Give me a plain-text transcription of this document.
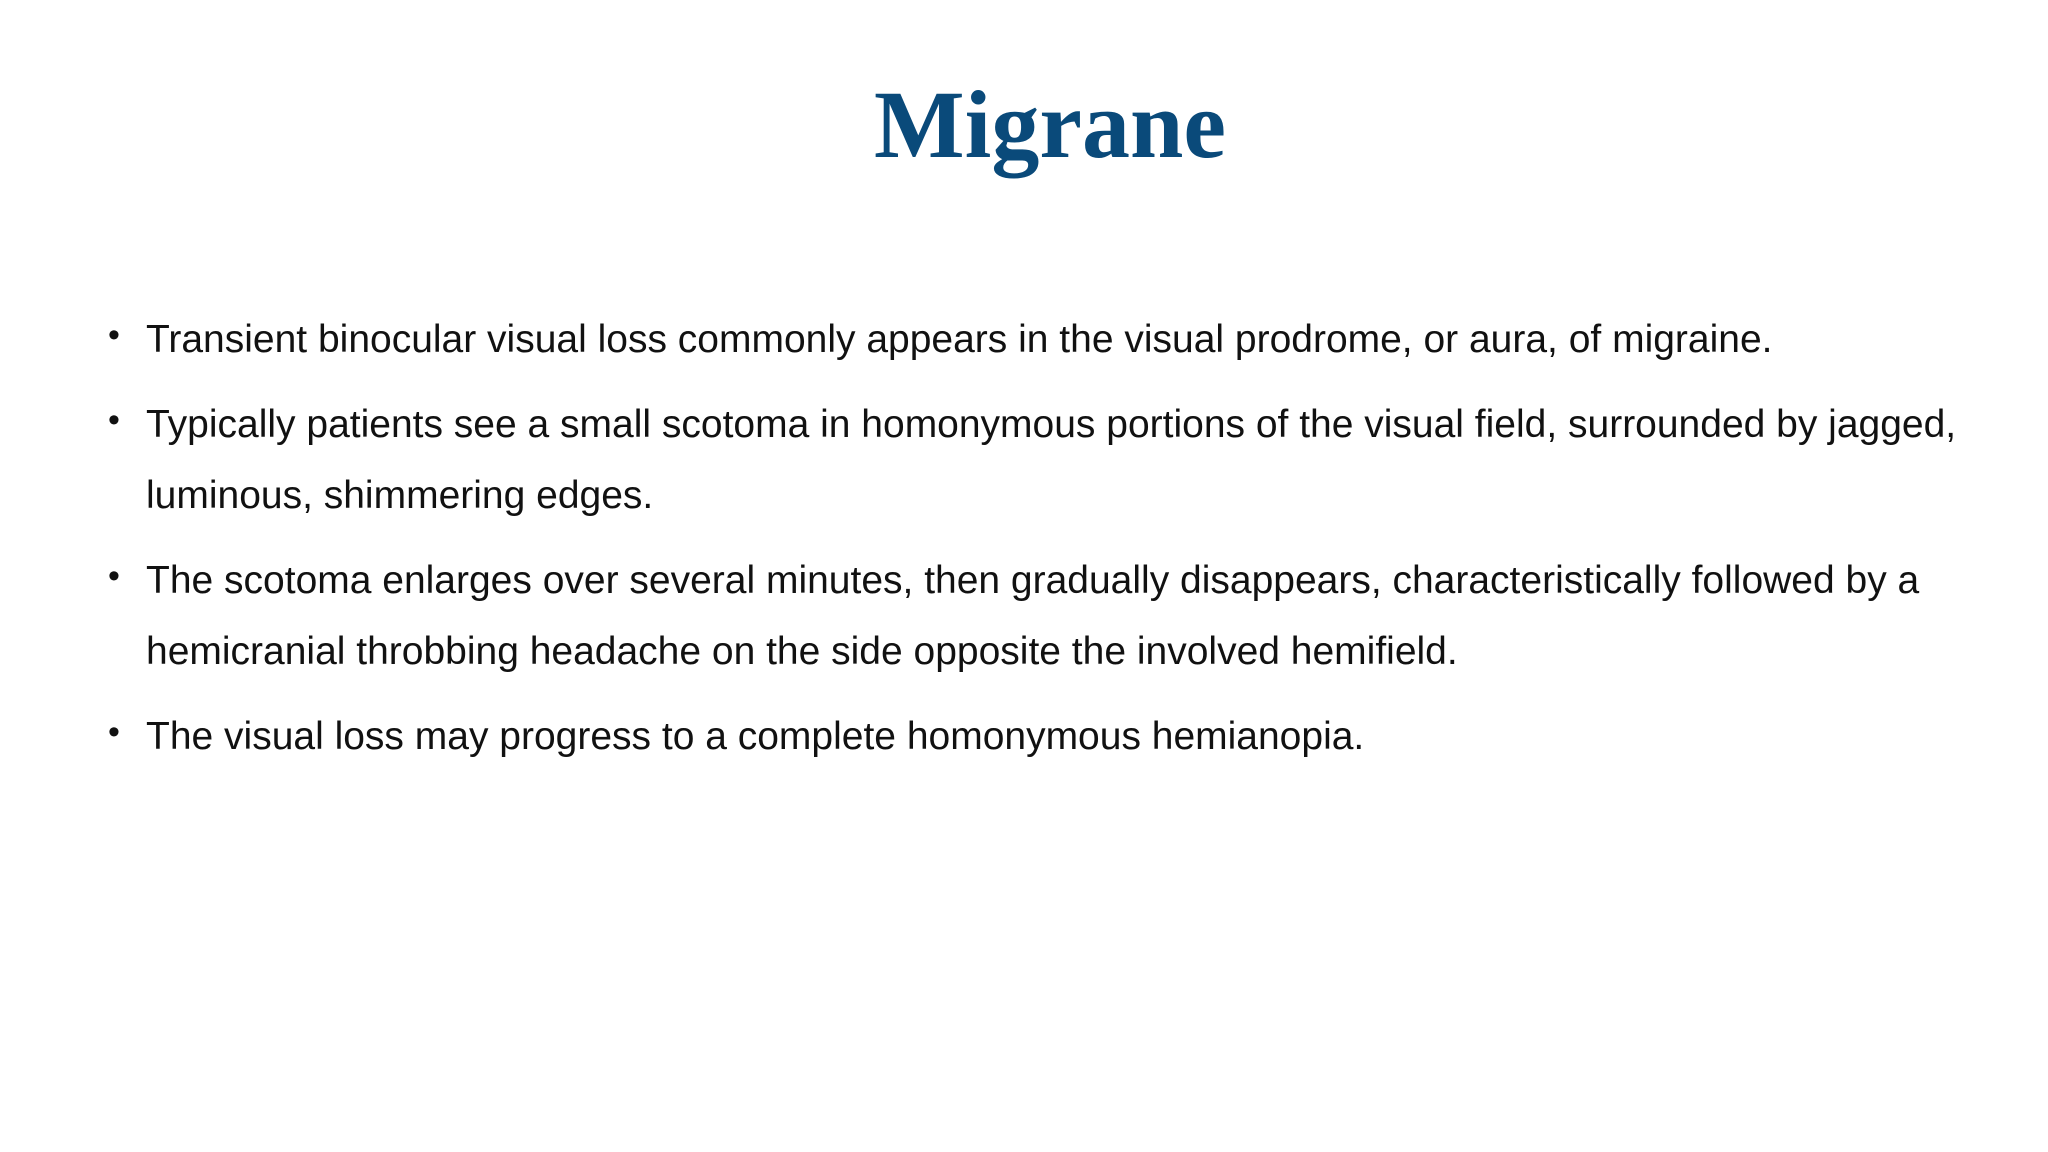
Migrane
• Transient binocular visual loss commonly appears in the visual prodrome, or aura, of migraine.
• Typically patients see a small scotoma in homonymous portions of the visual field, surrounded by jagged, luminous, shimmering edges.
• The scotoma enlarges over several minutes, then gradually disappears, characteristically followed by a hemicranial throbbing headache on the side opposite the involved hemifield.
• The visual loss may progress to a complete homonymous hemianopia.
